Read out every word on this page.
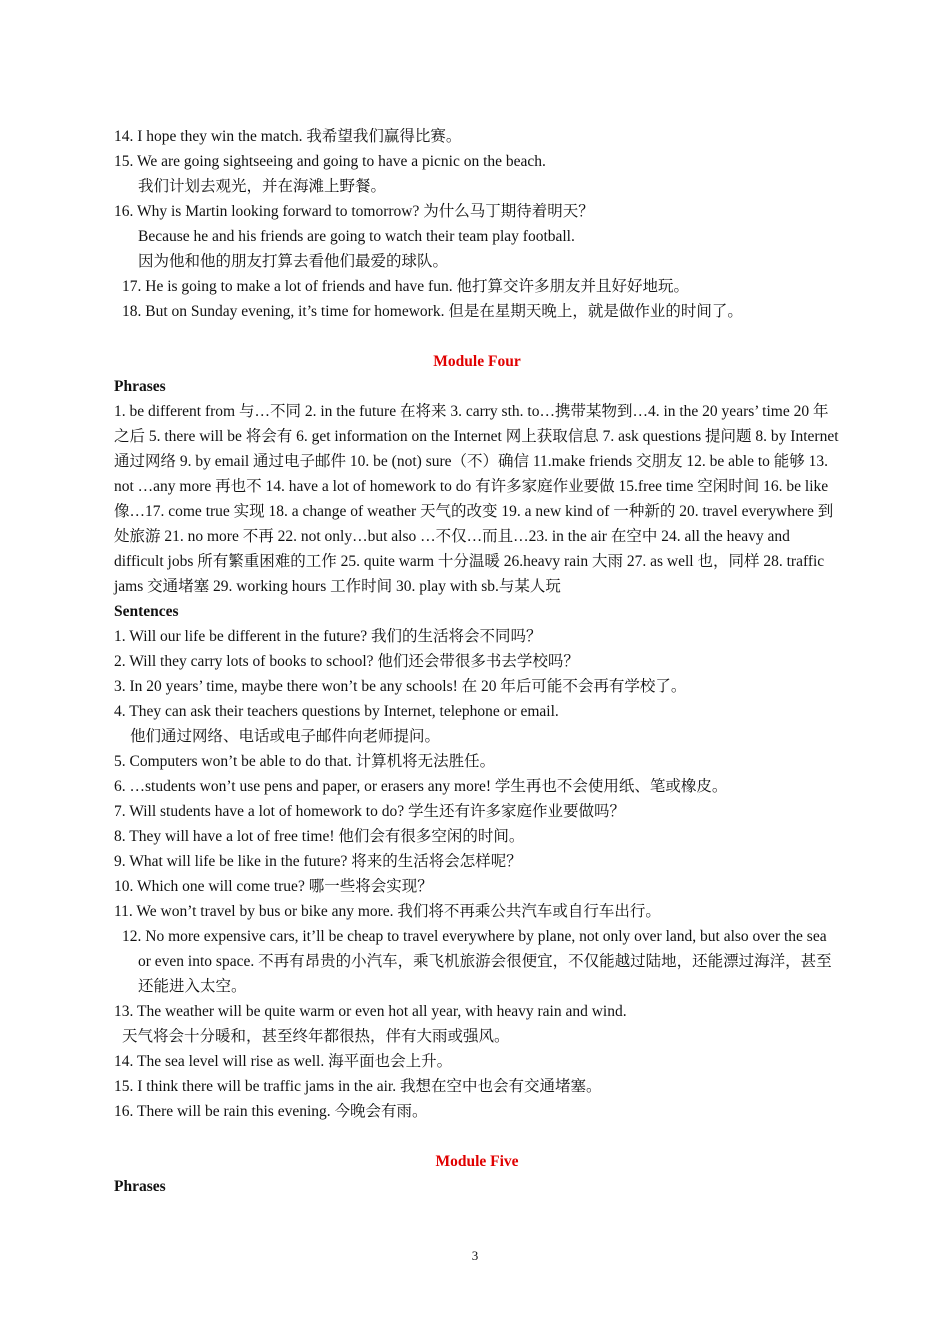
14. I hope they win the match. 我希望我们赢得比赛。
15. We are going sightseeing and going to have a picnic on the beach.
我们计划去观光，并在海滩上野餐。
16. Why is Martin looking forward to tomorrow? 为什么马丁期待着明天？
Because he and his friends are going to watch their team play football.
因为他和他的朋友打算去看他们最爱的球队。
17. He is going to make a lot of friends and have fun. 他打算交许多朋友并且好好地玩。
18. But on Sunday evening, it’s time for homework. 但是在星期天晚上，就是做作业的时间了。
Module Four
Phrases
1. be different from 与…不同 2. in the future 在将来 3. carry sth. to…携带某物到…4. in the 20 years’ time 20 年之后 5. there will be 将会有 6. get information on the Internet 网上获取信息 7. ask questions 提问题 8. by Internet 通过网络 9. by email 通过电子邮件 10. be (not) sure（不）确信 11.make friends 交朋友 12. be able to 能够 13. not …any more 再也不 14. have a lot of homework to do 有许多家庭作业要做 15.free time 空闲时间 16. be like 像…17. come true 实现 18. a change of weather 天气的改变 19. a new kind of 一种新的 20. travel everywhere 到处旅游 21. no more 不再 22. not only…but also …不仅…而且…23. in the air 在空中 24. all the heavy and difficult jobs 所有繁重困难的工作 25. quite warm 十分温暖 26.heavy rain 大雨 27. as well 也，同样 28. traffic jams 交通堵塞 29. working hours 工作时间 30. play with sb.与某人玩
Sentences
1. Will our life be different in the future? 我们的生活将会不同吗？
2. Will they carry lots of books to school? 他们还会带很多书去学校吗？
3. In 20 years’ time, maybe there won’t be any schools! 在 20 年后可能不会再有学校了。
4. They can ask their teachers questions by Internet, telephone or email.
他们通过网络、电话或电子邮件向老师提问。
5. Computers won’t be able to do that. 计算机将无法胜任。
6. …students won’t use pens and paper, or erasers any more! 学生再也不会使用纸、笔或橡皮。
7. Will students have a lot of homework to do? 学生还有许多家庭作业要做吗？
8. They will have a lot of free time! 他们会有很多空闲的时间。
9. What will life be like in the future? 将来的生活将会怎样呢？
10. Which one will come true? 哪一些将会实现？
11. We won’t travel by bus or bike any more. 我们将不再乘公共汽车或自行车出行。
12. No more expensive cars, it’ll be cheap to travel everywhere by plane, not only over land, but also over the sea or even into space. 不再有昂贵的小汽车，乘飞机旅游会很便宜，不仅能越过陆地，还能漂过海洋，甚至还能进入太空。
13. The weather will be quite warm or even hot all year, with heavy rain and wind.
天气将会十分暖和，甚至终年都很热，伴有大雨或强风。
14. The sea level will rise as well. 海平面也会上升。
15. I think there will be traffic jams in the air. 我想在空中也会有交通堵塞。
16. There will be rain this evening. 今晚会有雨。
Module Five
Phrases
3
